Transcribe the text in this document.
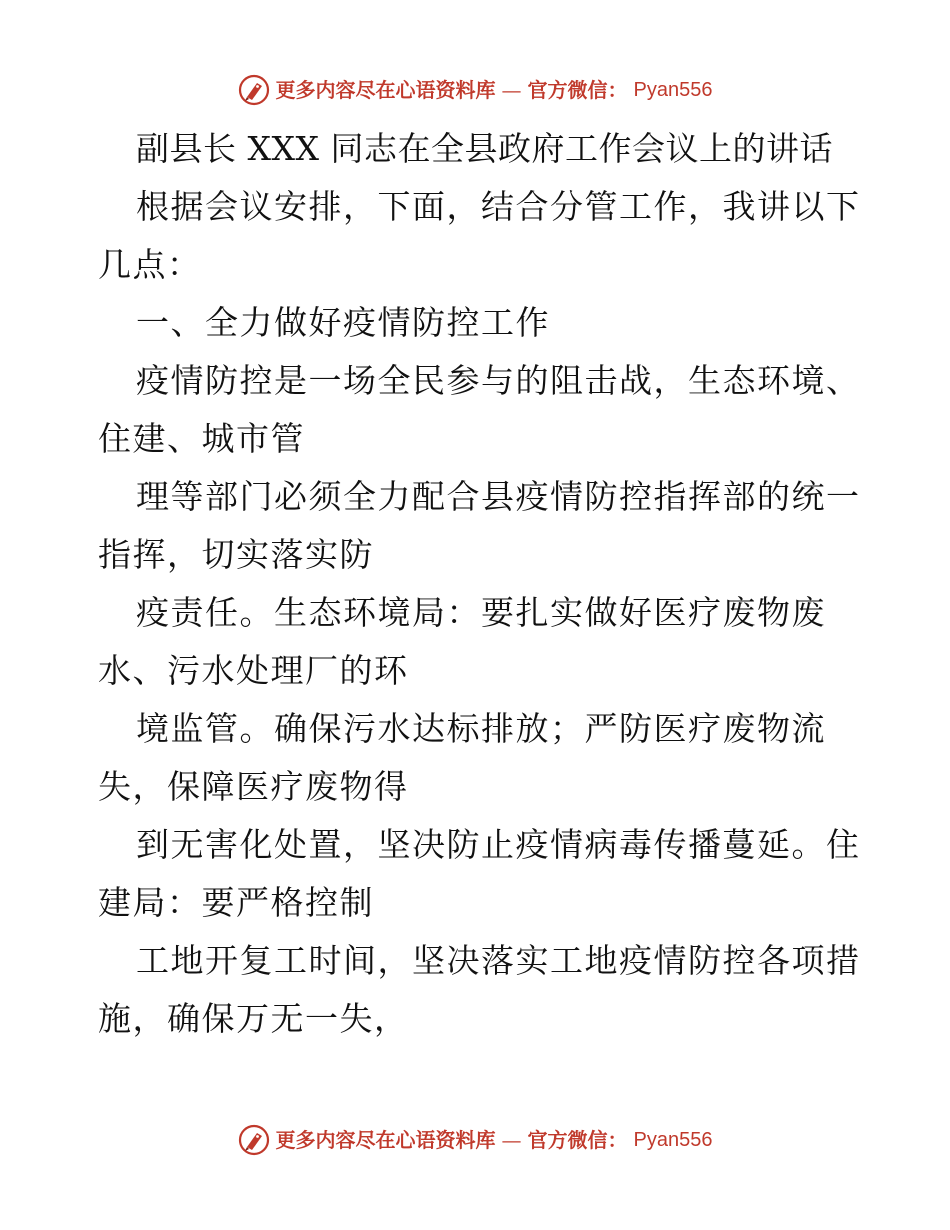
更多内容尽在心语资料库 — 官方微信： Pyan556
副县长 XXX 同志在全县政府工作会议上的讲话
根据会议安排，下面，结合分管工作，我讲以下
几点：
一、全力做好疫情防控工作
疫情防控是一场全民参与的阻击战，生态环境、
住建、城市管
理等部门必须全力配合县疫情防控指挥部的统一
指挥，切实落实防
疫责任。生态环境局：要扎实做好医疗废物废
水、污水处理厂的环
境监管。确保污水达标排放；严防医疗废物流
失，保障医疗废物得
到无害化处置，坚决防止疫情病毒传播蔓延。住
建局：要严格控制
工地开复工时间，坚决落实工地疫情防控各项措
施，确保万无一失，
更多内容尽在心语资料库 — 官方微信： Pyan556
